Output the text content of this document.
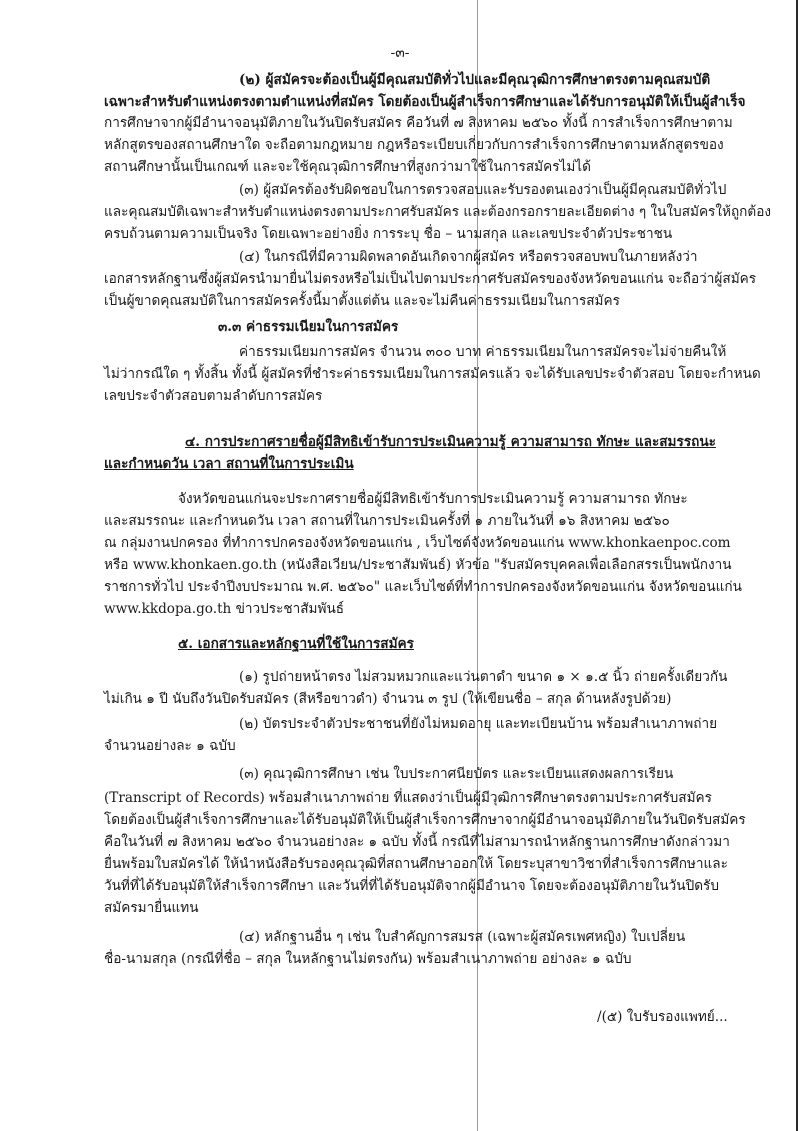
-๓-
(๒) ผู้สมัครจะต้องเป็นผู้มีคุณสมบัติทั่วไปและมีคุณวุฒิการศึกษาตรงตามคุณสมบัติ
เฉพาะสำหรับตำแหน่งตรงตามตำแหน่งที่สมัคร โดยต้องเป็นผู้สำเร็จการศึกษาและได้รับการอนุมัติให้เป็นผู้สำเร็จ
การศึกษาจากผู้มีอำนาจอนุมัติภายในวันปิดรับสมัคร คือวันที่ ๗ สิงหาคม ๒๕๖๐ ทั้งนี้ การสำเร็จการศึกษาตาม
หลักสูตรของสถานศึกษาใด จะถือตามกฎหมาย กฎหรือระเบียบเกี่ยวกับการสำเร็จการศึกษาตามหลักสูตรของ
สถานศึกษานั้นเป็นเกณฑ์ และจะใช้คุณวุฒิการศึกษาที่สูงกว่ามาใช้ในการสมัครไม่ได้
(๓) ผู้สมัครต้องรับผิดชอบในการตรวจสอบและรับรองตนเองว่าเป็นผู้มีคุณสมบัติทั่วไป
และคุณสมบัติเฉพาะสำหรับตำแหน่งตรงตามประกาศรับสมัคร และต้องกรอกรายละเอียดต่าง ๆ ในใบสมัครให้ถูกต้อง
ครบถ้วนตามความเป็นจริง โดยเฉพาะอย่างยิ่ง การระบุ ชื่อ – นามสกุล และเลขประจำตัวประชาชน
(๔) ในกรณีที่มีความผิดพลาดอันเกิดจากผู้สมัคร หรือตรวจสอบพบในภายหลังว่า
เอกสารหลักฐานซึ่งผู้สมัครนำมายื่นไม่ตรงหรือไม่เป็นไปตามประกาศรับสมัครของจังหวัดขอนแก่น จะถือว่าผู้สมัคร
เป็นผู้ขาดคุณสมบัติในการสมัครครั้งนี้มาตั้งแต่ต้น และจะไม่คืนค่าธรรมเนียมในการสมัคร
๓.๓ ค่าธรรมเนียมในการสมัคร
ค่าธรรมเนียมการสมัคร จำนวน ๓๐๐ บาท ค่าธรรมเนียมในการสมัครจะไม่จ่ายคืนให้
ไม่ว่ากรณีใด ๆ ทั้งสิ้น ทั้งนี้ ผู้สมัครที่ชำระค่าธรรมเนียมในการสมัครแล้ว จะได้รับเลขประจำตัวสอบ โดยจะกำหนด
เลขประจำตัวสอบตามลำดับการสมัคร
๔. การประกาศรายชื่อผู้มีสิทธิเข้ารับการประเมินความรู้ ความสามารถ ทักษะ และสมรรถนะ
และกำหนดวัน เวลา สถานที่ในการประเมิน
จังหวัดขอนแก่นจะประกาศรายชื่อผู้มีสิทธิเข้ารับการประเมินความรู้ ความสามารถ ทักษะ
และสมรรถนะ และกำหนดวัน เวลา สถานที่ในการประเมินครั้งที่ ๑ ภายในวันที่ ๑๖ สิงหาคม ๒๕๖๐
ณ กลุ่มงานปกครอง ที่ทำการปกครองจังหวัดขอนแก่น , เว็บไซต์จังหวัดขอนแก่น www.khonkaenpoc.com
หรือ www.khonkaen.go.th (หนังสือเวียน/ประชาสัมพันธ์) หัวข้อ "รับสมัครบุคคลเพื่อเลือกสรรเป็นพนักงาน
ราชการทั่วไป ประจำปีงบประมาณ พ.ศ. ๒๕๖๐" และเว็บไซต์ที่ทำการปกครองจังหวัดขอนแก่น จังหวัดขอนแก่น
www.kkdopa.go.th ข่าวประชาสัมพันธ์
๕. เอกสารและหลักฐานที่ใช้ในการสมัคร
(๑) รูปถ่ายหน้าตรง ไม่สวมหมวกและแว่นตาดำ ขนาด ๑ × ๑.๕ นิ้ว ถ่ายครั้งเดียวกัน
ไม่เกิน ๑ ปี นับถึงวันปิดรับสมัคร (สีหรือขาวดำ) จำนวน ๓ รูป (ให้เขียนชื่อ – สกุล ด้านหลังรูปด้วย)
(๒) บัตรประจำตัวประชาชนที่ยังไม่หมดอายุ และทะเบียนบ้าน พร้อมสำเนาภาพถ่าย
จำนวนอย่างละ ๑ ฉบับ
(๓) คุณวุฒิการศึกษา เช่น ใบประกาศนียบัตร และระเบียนแสดงผลการเรียน
(Transcript of Records) พร้อมสำเนาภาพถ่าย ที่แสดงว่าเป็นผู้มีวุฒิการศึกษาตรงตามประกาศรับสมัคร
โดยต้องเป็นผู้สำเร็จการศึกษาและได้รับอนุมัติให้เป็นผู้สำเร็จการศึกษาจากผู้มีอำนาจอนุมัติภายในวันปิดรับสมัคร
คือในวันที่ ๗ สิงหาคม ๒๕๖๐ จำนวนอย่างละ ๑ ฉบับ ทั้งนี้ กรณีที่ไม่สามารถนำหลักฐานการศึกษาดังกล่าวมา
ยื่นพร้อมใบสมัครได้ ให้นำหนังสือรับรองคุณวุฒิที่สถานศึกษาออกให้ โดยระบุสาขาวิชาที่สำเร็จการศึกษาและ
วันที่ที่ได้รับอนุมัติให้สำเร็จการศึกษา และวันที่ที่ได้รับอนุมัติจากผู้มีอำนาจ โดยจะต้องอนุมัติภายในวันปิดรับ
สมัครมายื่นแทน
(๔) หลักฐานอื่น ๆ เช่น ใบสำคัญการสมรส (เฉพาะผู้สมัครเพศหญิง) ใบเปลี่ยน
ชื่อ-นามสกุล (กรณีที่ชื่อ – สกุล ในหลักฐานไม่ตรงกัน) พร้อมสำเนาภาพถ่าย อย่างละ ๑ ฉบับ
/(๕) ใบรับรองแพทย์...
